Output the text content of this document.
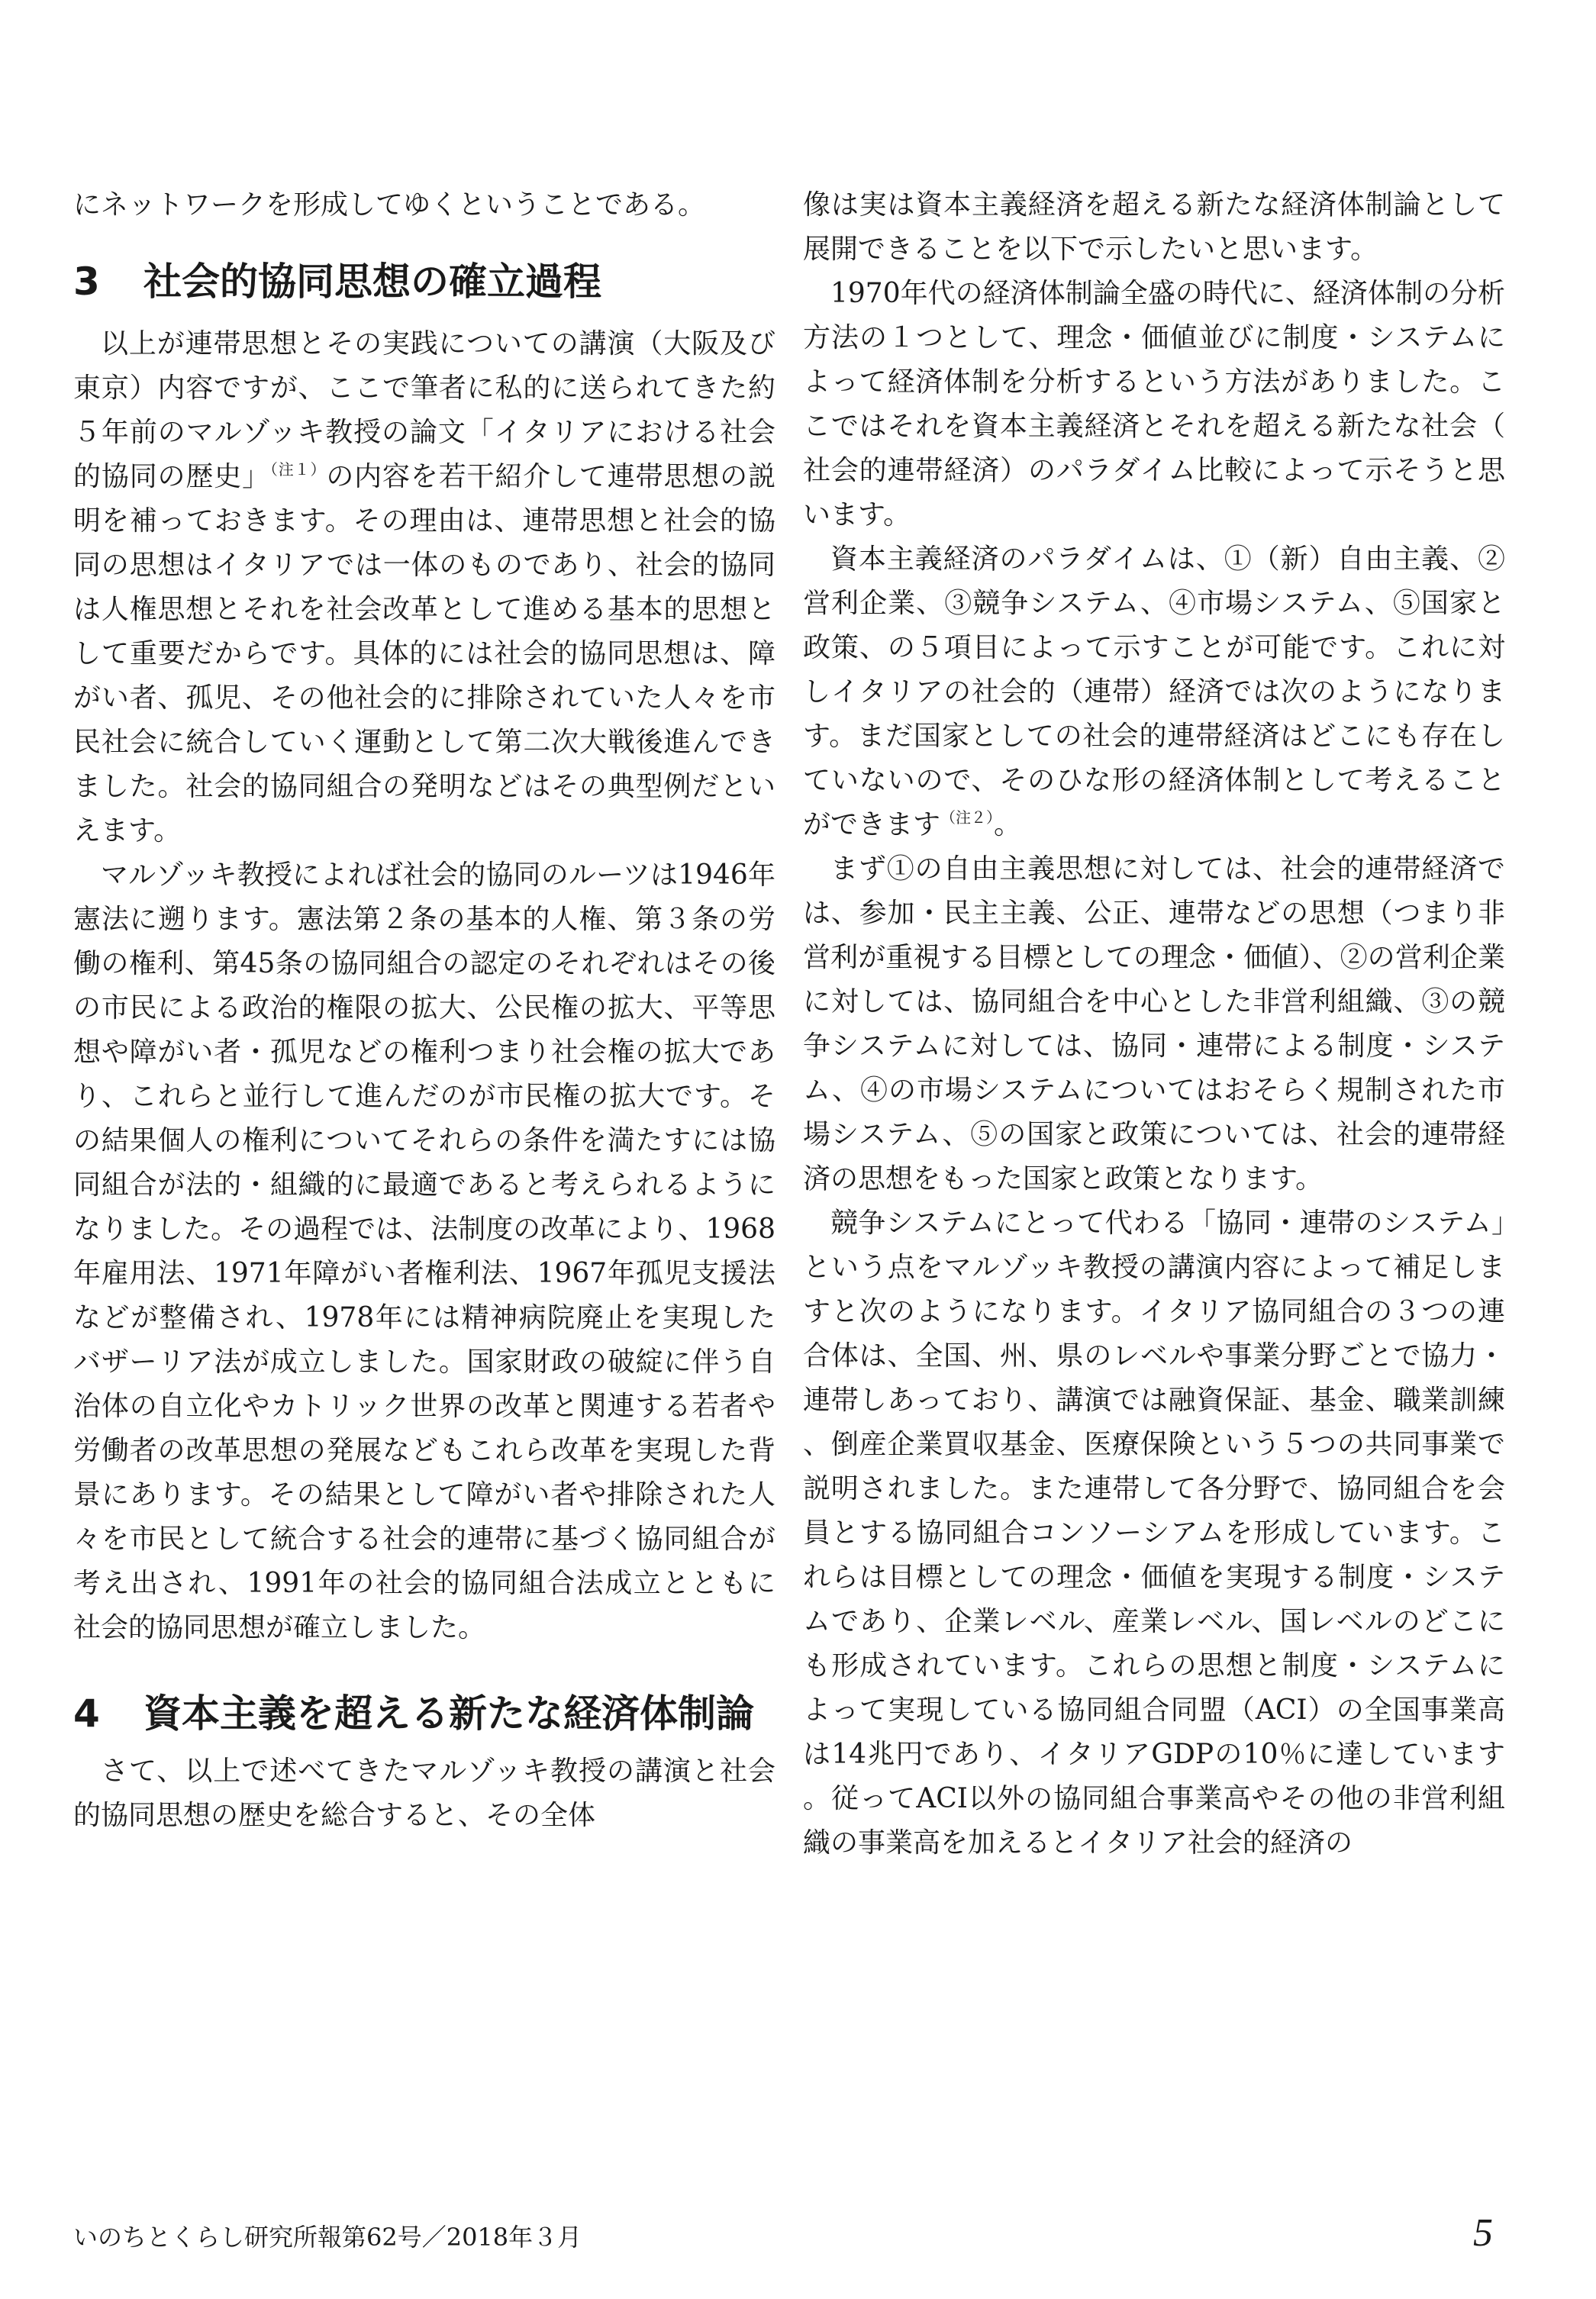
にネットワークを形成してゆくということである。

3	社会的協同思想の確立過程

以上が連帯思想とその実践についての講演（大阪及び東京）内容ですが、ここで筆者に私的に送られてきた約５年前のマルゾッキ教授の論文「イタリアにおける社会的協同の歴史」$^{(注1)}$の内容を若干紹介して連帯思想の説明を補っておきます。その理由は、連帯思想と社会的協同の思想はイタリアでは一体のものであり、社会的協同は人権思想とそれを社会改革として進める基本的思想として重要だからです。具体的には社会的協同思想は、障がい者、孤児、その他社会的に排除されていた人々を市民社会に統合していく運動として第二次大戦後進んできました。社会的協同組合の発明などはその典型例だといえます。

マルゾッキ教授によれば社会的協同のルーツは1946年憲法に遡ります。憲法第２条の基本的人権、第３条の労働の権利、第45条の協同組合の認定のそれぞれはその後の市民による政治的権限の拡大、公民権の拡大、平等思想や障がい者・孤児などの権利つまり社会権の拡大であり、これらと並行して進んだのが市民権の拡大です。その結果個人の権利についてそれらの条件を満たすには協同組合が法的・組織的に最適であると考えられるようになりました。その過程では、法制度の改革により、1968年雇用法、1971年障がい者権利法、1967年孤児支援法などが整備され、1978年には精神病院廃止を実現したバザーリア法が成立しました。国家財政の破綻に伴う自治体の自立化やカトリック世界の改革と関連する若者や労働者の改革思想の発展などもこれら改革を実現した背景にあります。その結果として障がい者や排除された人々を市民として統合する社会的連帯に基づく協同組合が考え出され、1991年の社会的協同組合法成立とともに社会的協同思想が確立しました。

4	資本主義を超える新たな経済体制論

さて、以上で述べてきたマルゾッキ教授の講演と社会的協同思想の歴史を総合すると、その全体

像は実は資本主義経済を超える新たな経済体制論として展開できることを以下で示したいと思います。

1970年代の経済体制論全盛の時代に、経済体制の分析方法の１つとして、理念・価値並びに制度・システムによって経済体制を分析するという方法がありました。ここではそれを資本主義経済とそれを超える新たな社会（社会的連帯経済）のパラダイム比較によって示そうと思います。

資本主義経済のパラダイムは、①（新）自由主義、②営利企業、③競争システム、④市場システム、⑤国家と政策、の５項目によって示すことが可能です。これに対しイタリアの社会的（連帯）経済では次のようになります。まだ国家としての社会的連帯経済はどこにも存在していないので、そのひな形の経済体制として考えることができます$^{(注2)}$。

まず①の自由主義思想に対しては、社会的連帯経済では、参加・民主主義、公正、連帯などの思想（つまり非営利が重視する目標としての理念・価値）、②の営利企業に対しては、協同組合を中心とした非営利組織、③の競争システムに対しては、協同・連帯による制度・システム、④の市場システムについてはおそらく規制された市場システム、⑤の国家と政策については、社会的連帯経済の思想をもった国家と政策となります。

競争システムにとって代わる「協同・連帯のシステム」という点をマルゾッキ教授の講演内容によって補足しますと次のようになります。イタリア協同組合の３つの連合体は、全国、州、県のレベルや事業分野ごとで協力・連帯しあっており、講演では融資保証、基金、職業訓練、倒産企業買収基金、医療保険という５つの共同事業で説明されました。また連帯して各分野で、協同組合を会員とする協同組合コンソーシアムを形成しています。これらは目標としての理念・価値を実現する制度・システムであり、企業レベル、産業レベル、国レベルのどこにも形成されています。これらの思想と制度・システムによって実現している協同組合同盟（ACI）の全国事業高は14兆円であり、イタリアGDPの10％に達しています。従ってACI以外の協同組合事業高やその他の非営利組織の事業高を加えるとイタリア社会的経済の

いのちとくらし研究所報第62号／2018年３月	5
